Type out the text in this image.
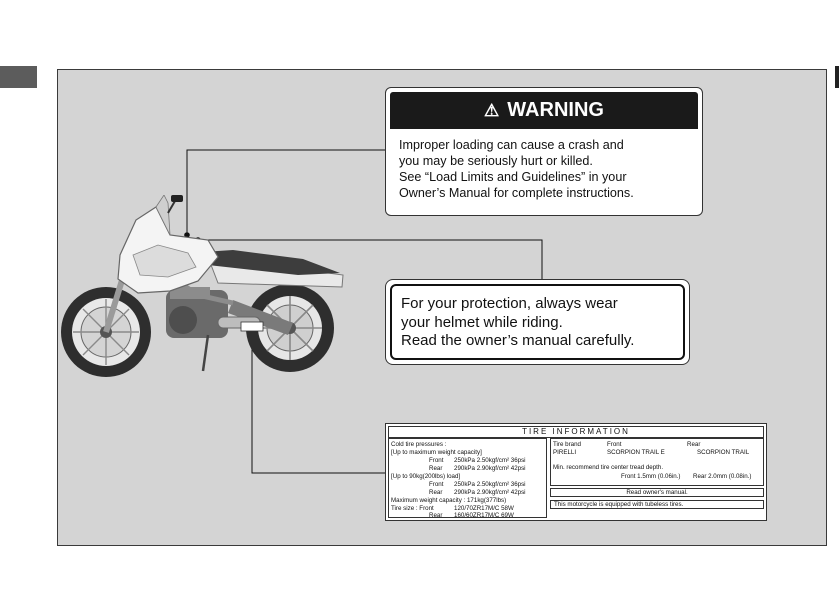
⚠ WARNING
Improper loading can cause a crash and
you may be seriously hurt or killed.
See “Load Limits and Guidelines” in your
Owner’s Manual for complete instructions.
For your protection, always wear
your helmet while riding.
Read the owner’s manual carefully.
TIRE INFORMATION
Cold tire pressures :
[Up to maximum weight capacity]
Front 250kPa 2.50kgf/cm² 36psi
Rear 290kPa 2.90kgf/cm² 42psi
[Up to 90kg(200lbs) load]
Front 250kPa 2.50kgf/cm² 36psi
Rear 290kPa 2.90kgf/cm² 42psi
Maximum weight capacity : 171kg(377lbs)
Tire size : Front	120/70ZR17M/C 58W
Rear 160/60ZR17M/C 69W
Tire brand	Front	Rear
PIRELLI	SCORPION TRAIL E	SCORPION TRAIL
Min. recommend tire center tread depth.
Front 1.5mm (0.06in.) Rear 2.0mm (0.08in.)
Read owner's manual.
This motorcycle is equipped with tubeless tires.
